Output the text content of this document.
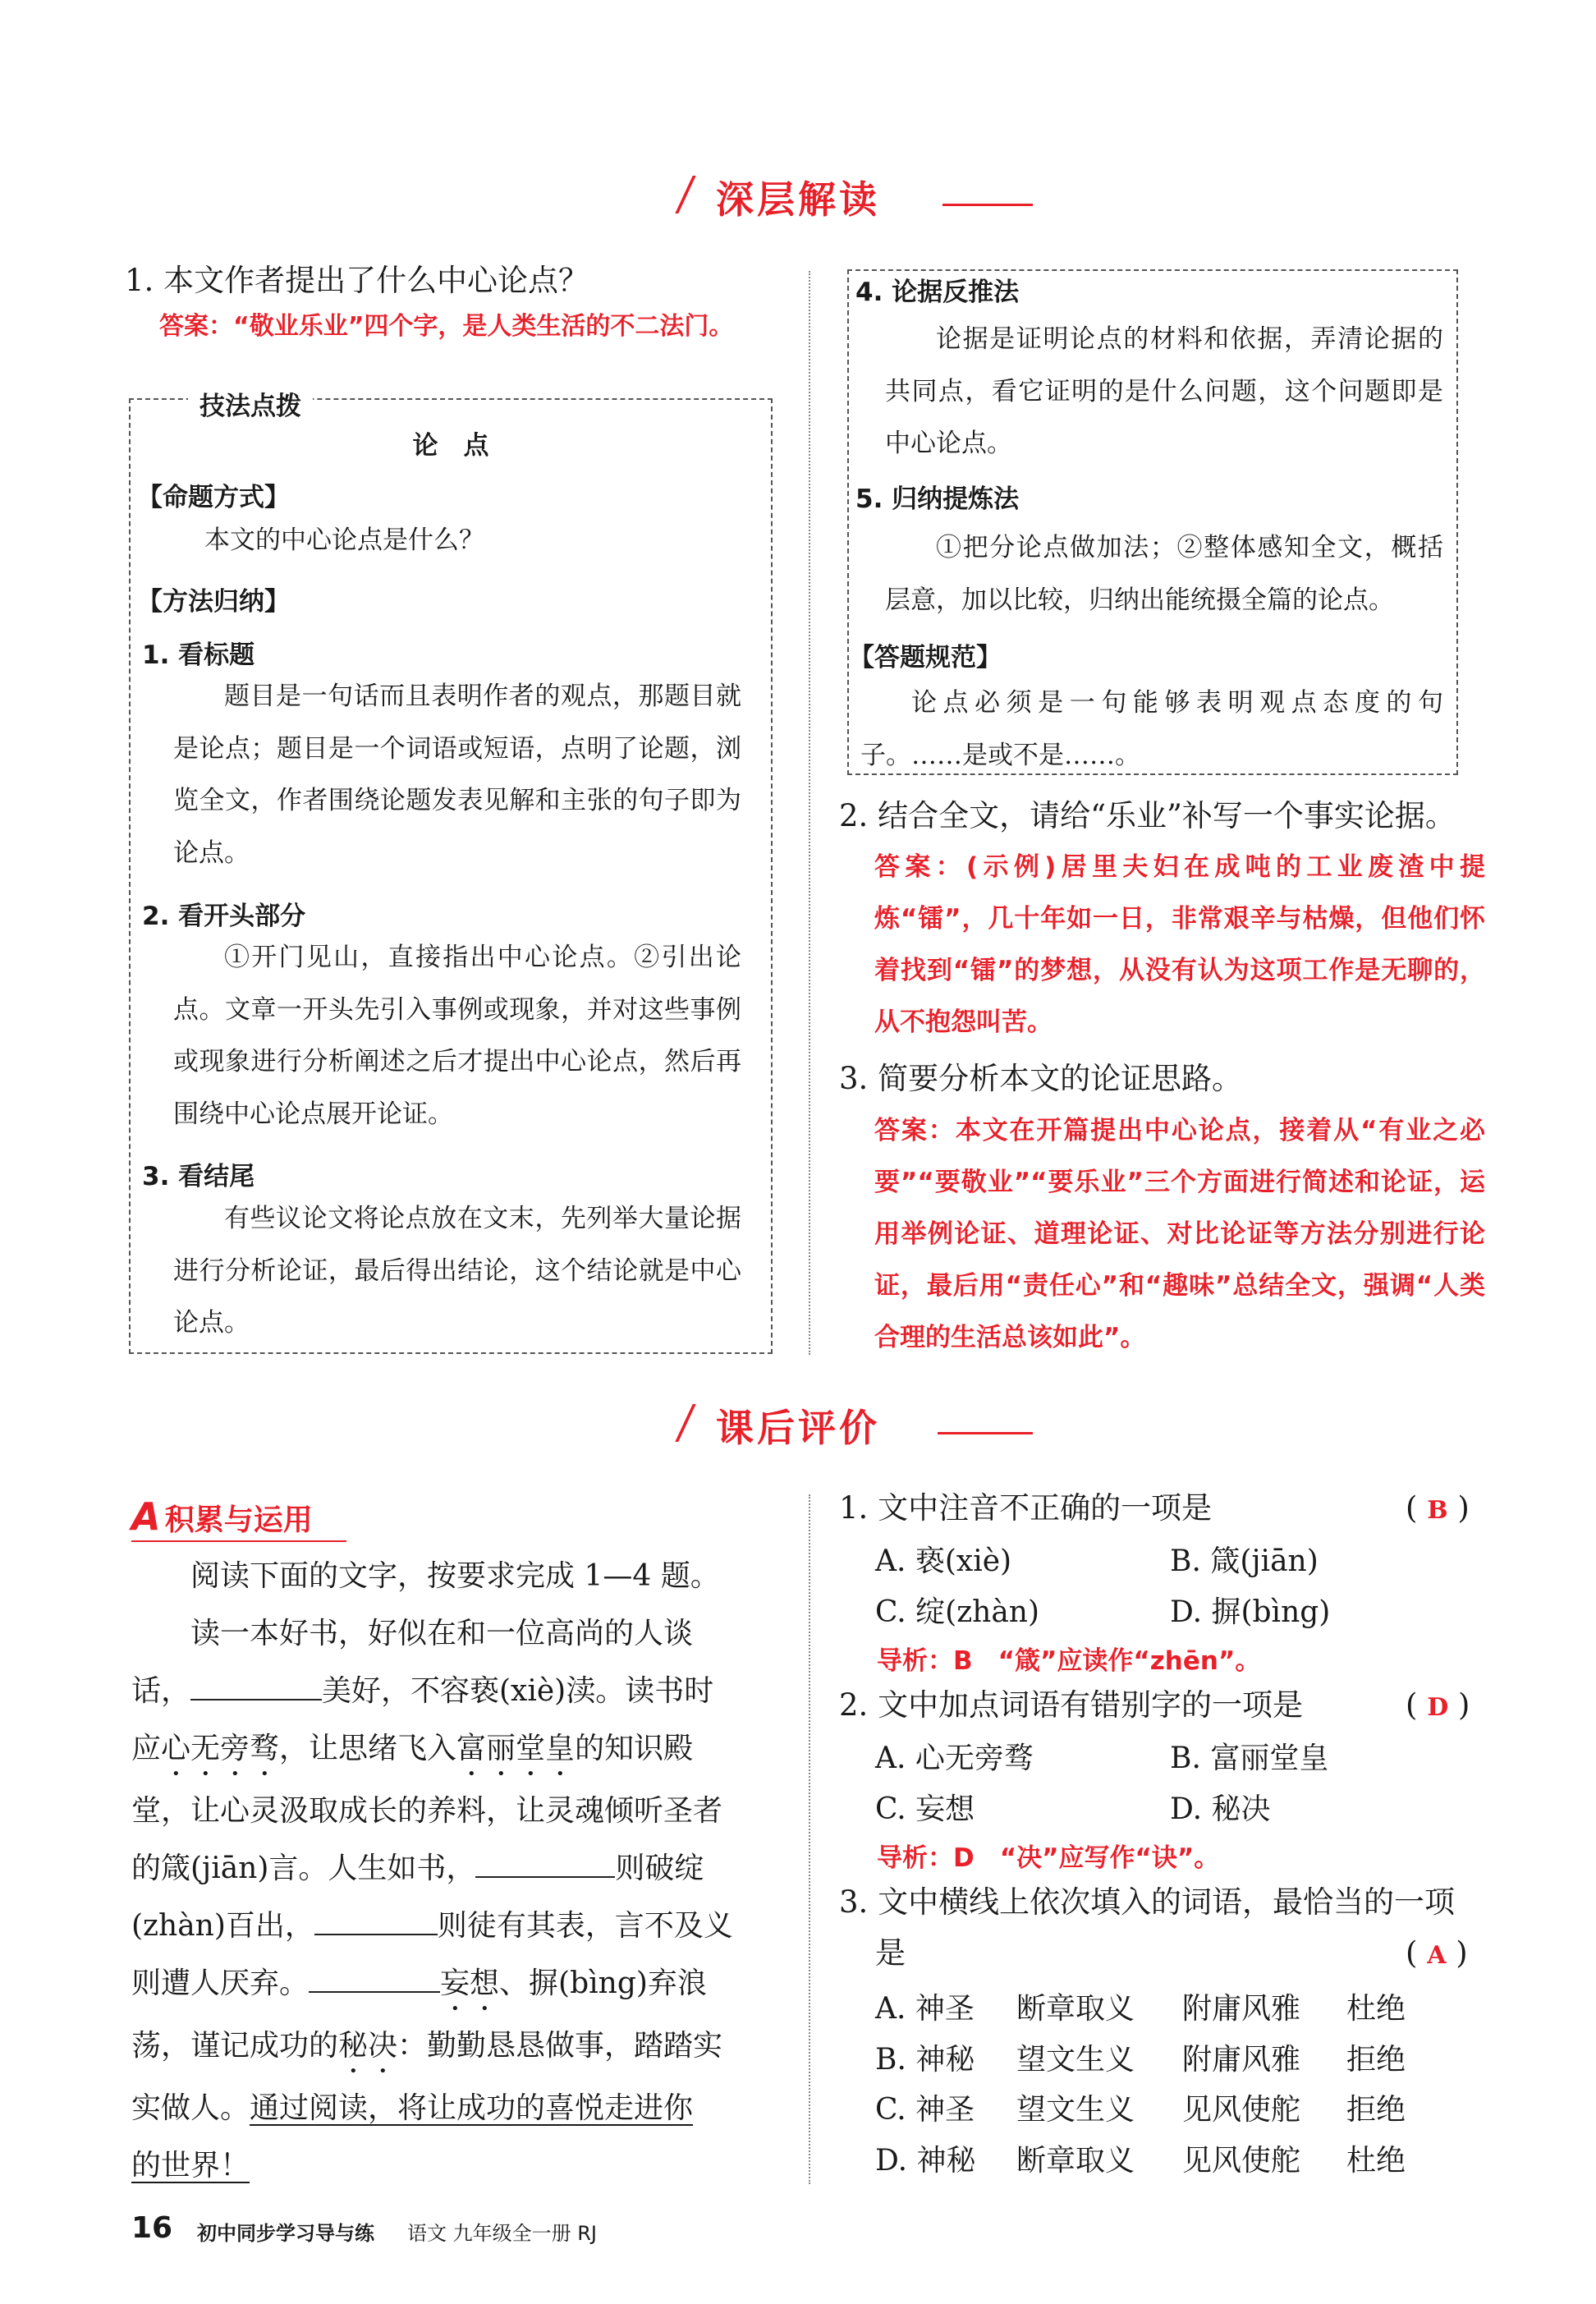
深层解读
1. 本文作者提出了什么中心论点？
答案：“敬业乐业”四个字，是人类生活的不二法门。
技法点拨
论　点
【命题方式】
本文的中心论点是什么？
【方法归纳】
1. 看标题
题目是一句话而且表明作者的观点，那题目就是论点；题目是一个词语或短语，点明了论题，浏览全文，作者围绕论题发表见解和主张的句子即为论点。
2. 看开头部分
①开门见山，直接指出中心论点。②引出论点。文章一开头先引入事例或现象，并对这些事例或现象进行分析阐述之后才提出中心论点，然后再围绕中心论点展开论证。
3. 看结尾
有些议论文将论点放在文末，先列举大量论据进行分析论证，最后得出结论，这个结论就是中心论点。
4. 论据反推法
论据是证明论点的材料和依据，弄清论据的共同点，看它证明的是什么问题，这个问题即是中心论点。
5. 归纳提炼法
①把分论点做加法；②整体感知全文，概括层意，加以比较，归纳出能统摄全篇的论点。
【答题规范】
论点必须是一句能够表明观点态度的句子。……是或不是……。
2. 结合全文，请给“乐业”补写一个事实论据。
答案：(示例)居里夫妇在成吨的工业废渣中提炼“镭”，几十年如一日，非常艰辛与枯燥，但他们怀着找到“镭”的梦想，从没有认为这项工作是无聊的，从不抱怨叫苦。
3. 简要分析本文的论证思路。
答案：本文在开篇提出中心论点，接着从“有业之必要”“要敬业”“要乐业”三个方面进行简述和论证，运用举例论证、道理论证、对比论证等方法分别进行论证，最后用“责任心”和“趣味”总结全文，强调“人类合理的生活总该如此”。
课后评价
A 积累与运用
阅读下面的文字，按要求完成 1—4 题。
读一本好书，好似在和一位高尚的人谈
话，	美好，不容亵(xiè)渎。读书时
应心无旁骛，让思绪飞入富丽堂皇的知识殿
堂，让心灵汲取成长的养料，让灵魂倾听圣者
的箴(jiān)言。人生如书，	则破绽
(zhàn)百出，	则徒有其表，言不及义
则遭人厌弃。	妄想、摒(bìng)弃浪
荡，谨记成功的秘决：勤勤恳恳做事，踏踏实
实做人。通过阅读，将让成功的喜悦走进你
的世界！
1. 文中注音不正确的一项是	( B )
A. 亵(xiè)	B. 箴(jiān)
C. 绽(zhàn)	D. 摒(bìng)
导析：B　“箴”应读作“zhēn”。
2. 文中加点词语有错别字的一项是	( D )
A. 心无旁骛	B. 富丽堂皇
C. 妄想	D. 秘决
导析：D　“决”应写作“诀”。
3. 文中横线上依次填入的词语，最恰当的一项
是	( A )
A. 神圣 断章取义 附庸风雅 杜绝
B. 神秘 望文生义 附庸风雅 拒绝
C. 神圣 望文生义 见风使舵 拒绝
D. 神秘 断章取义 见风使舵 杜绝
16 初中同步学习导与练 语文 九年级全一册 RJ
